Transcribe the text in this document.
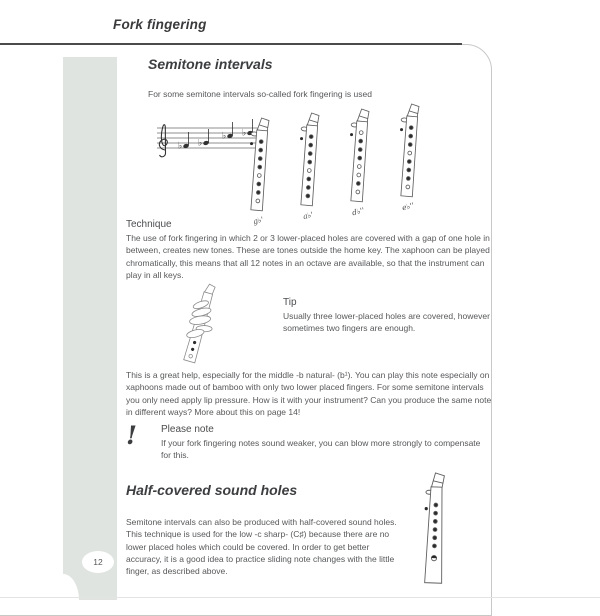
Fork fingering
12
Semitone intervals
For some semitone intervals so-called fork fingering is used
♭ ♭
♭ ♭
g♭'	a♭'	d♭''	e♭''
Technique
The use of fork fingering in which 2 or 3 lower-placed holes are covered with a gap of one hole in between, creates new tones. These are tones outside the home key. The xaphoon can be played chromatically, this means that all 12 notes in an octave are available, so that the instrument can play in all keys.
Tip
Usually three lower-placed holes are covered, however sometimes two fingers are enough.
This is a great help, especially for the middle -b natural- (b¹). You can play this note especially on xaphoons made out of bamboo with only two lower placed fingers. For some semitone intervals you only need apply lip pressure. How is it with your instrument? Can you produce the same note in different ways? More about this on page 14!
! Please note
If your fork fingering notes sound weaker, you can blow more strongly to compensate for this.
Half-covered sound holes
Semitone intervals can also be produced with half-covered sound holes. This technique is used for the low -c sharp- (C♯) because there are no lower placed holes which could be covered. In order to get better accuracy, it is a good idea to practice sliding note changes with the little finger, as described above.
